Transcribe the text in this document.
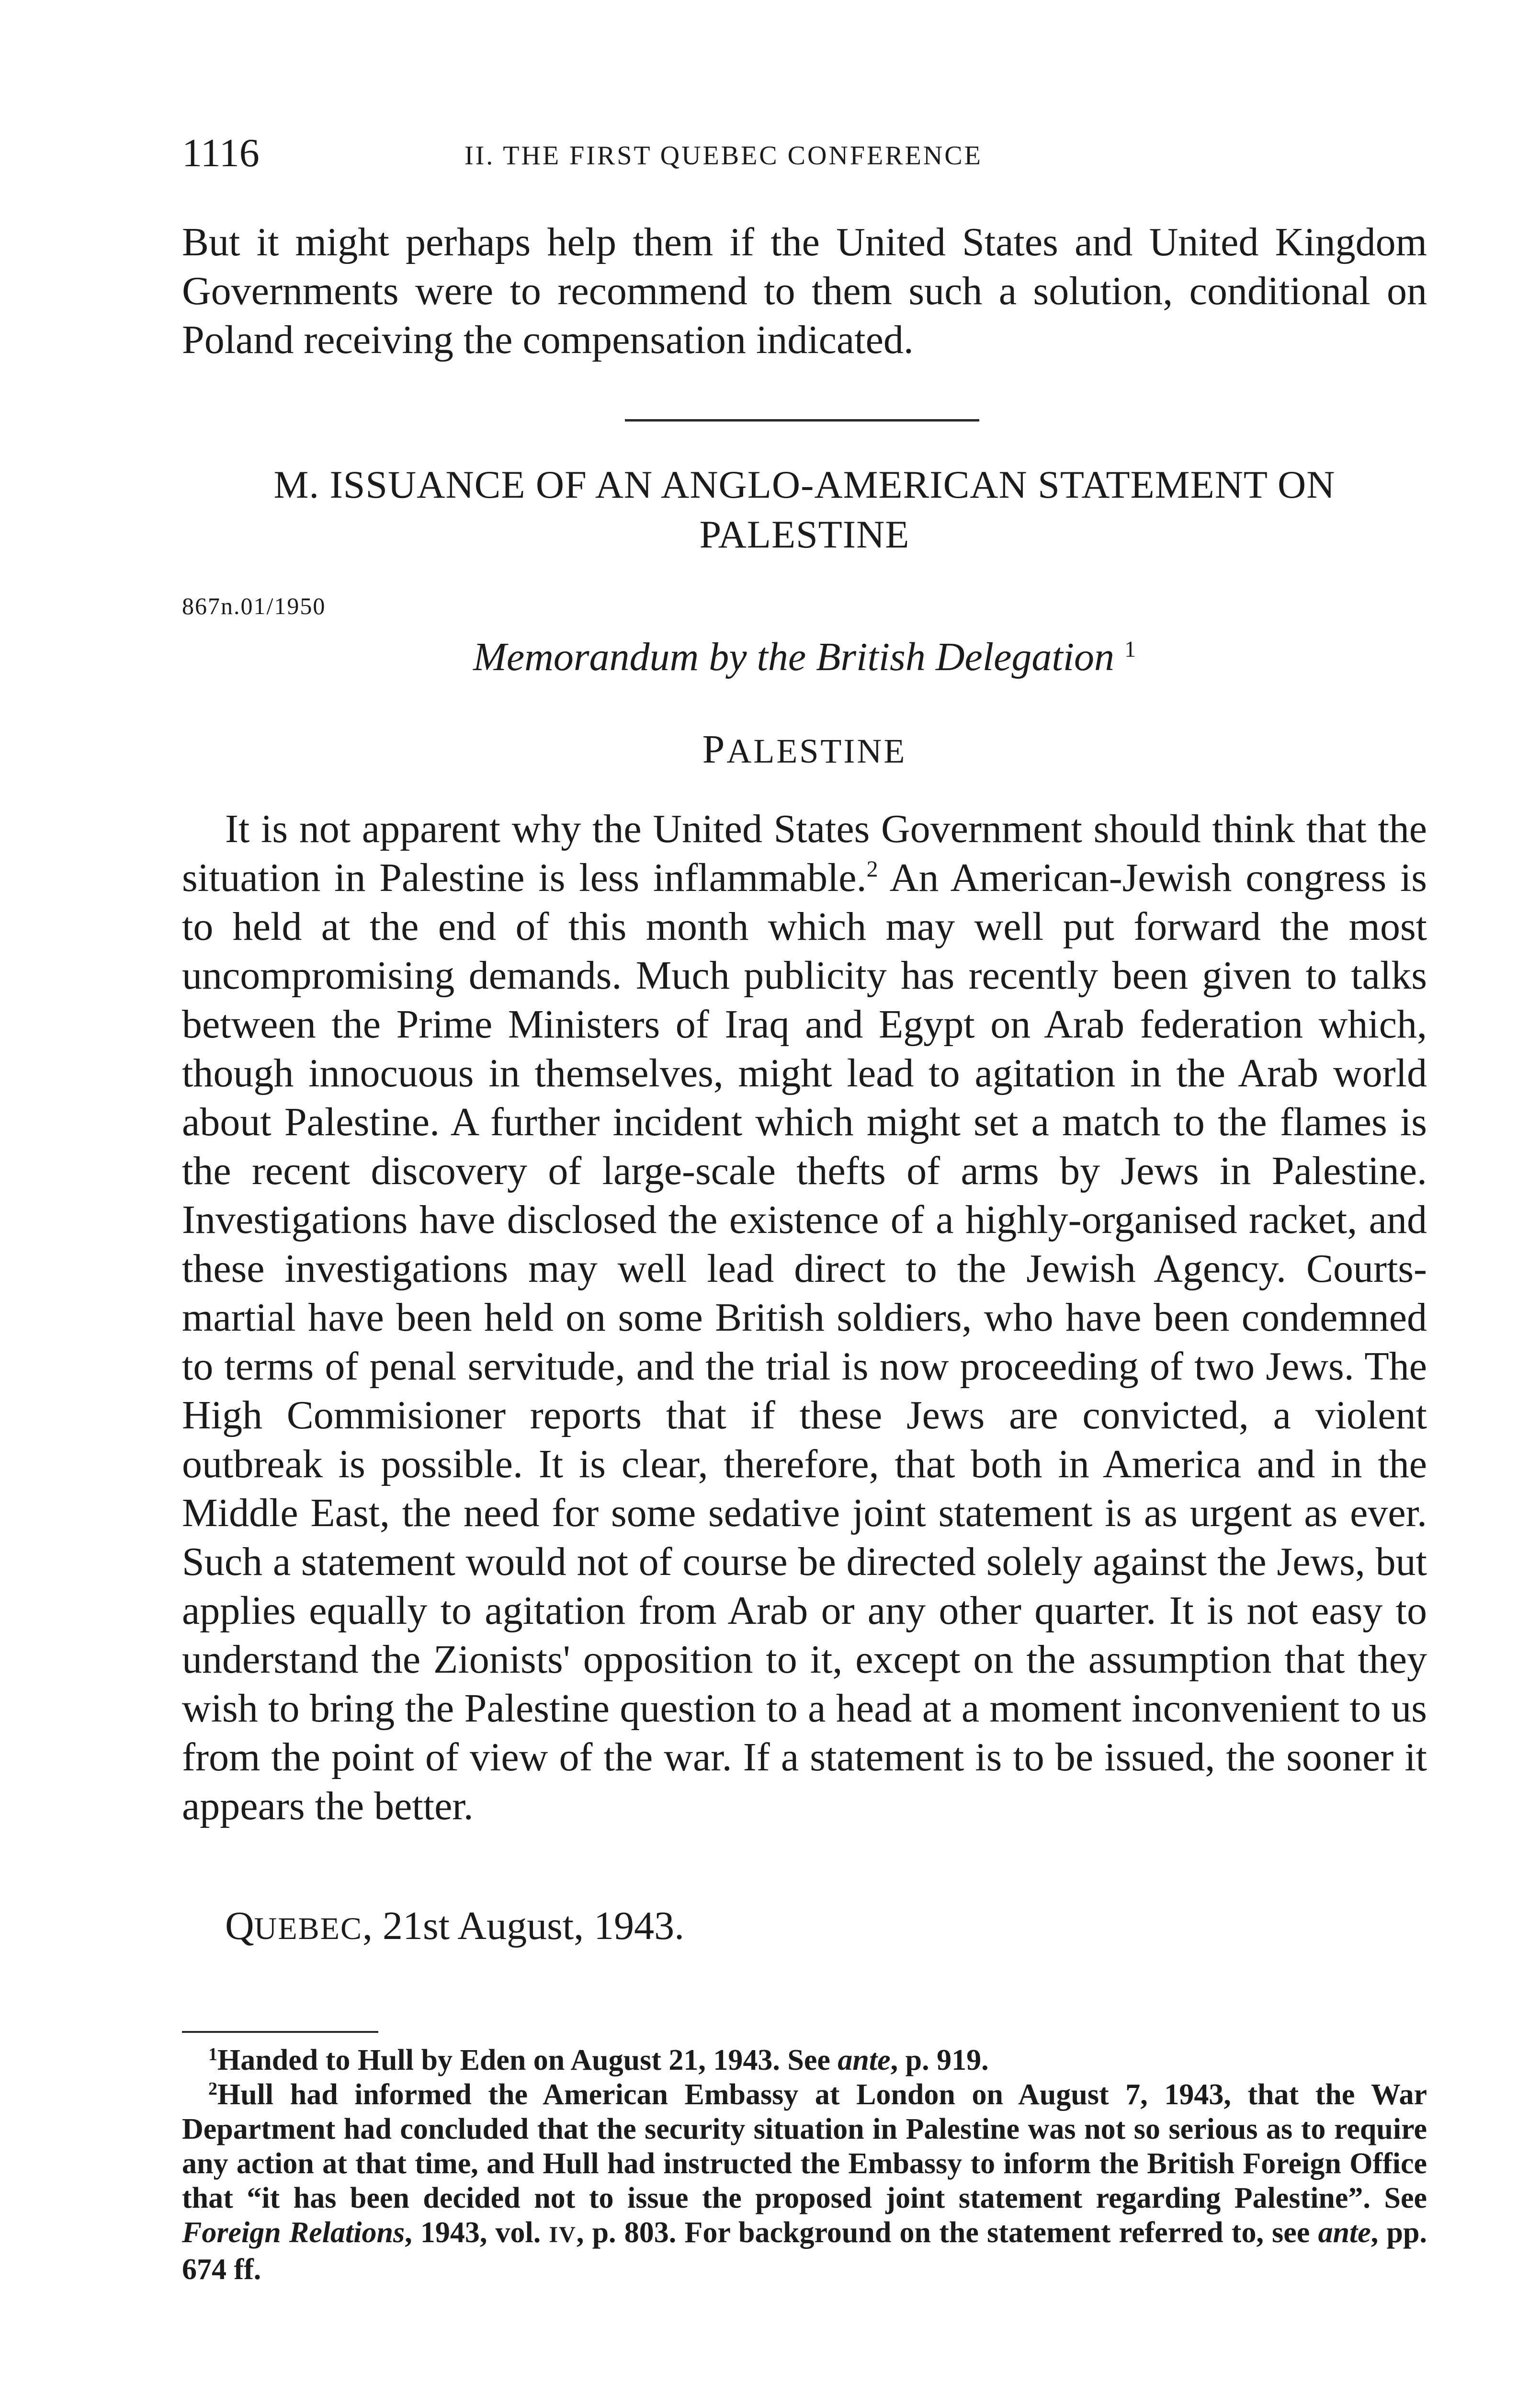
1116	II. THE FIRST QUEBEC CONFERENCE

But it might perhaps help them if the United States and United Kingdom Governments were to recommend to them such a solution, conditional on Poland receiving the compensation indicated.

M. ISSUANCE OF AN ANGLO-AMERICAN STATEMENT ON
PALESTINE
867n.01/1950
Memorandum by the British Delegation $^1$
PALESTINE

It is not apparent why the United States Government should think that the situation in Palestine is less inflammable.$^2$ An American-Jewish congress is to held at the end of this month which may well put forward the most uncompromising demands. Much publicity has recently been given to talks between the Prime Ministers of Iraq and Egypt on Arab federation which, though innocuous in themselves, might lead to agitation in the Arab world about Palestine. A further incident which might set a match to the flames is the recent discovery of large-scale thefts of arms by Jews in Palestine. Investigations have disclosed the existence of a highly-organised racket, and these investigations may well lead direct to the Jewish Agency. Courts-martial have been held on some British soldiers, who have been condemned to terms of penal servitude, and the trial is now proceeding of two Jews. The High Commisioner reports that if these Jews are convicted, a violent outbreak is possible. It is clear, therefore, that both in America and in the Middle East, the need for some sedative joint statement is as urgent as ever. Such a statement would not of course be directed solely against the Jews, but applies equally to agitation from Arab or any other quarter. It is not easy to understand the Zionists' opposition to it, except on the assumption that they wish to bring the Palestine question to a head at a moment inconvenient to us from the point of view of the war. If a statement is to be issued, the sooner it appears the better.

QUEBEC, 21st August, 1943.

$^1$Handed to Hull by Eden on August 21, 1943. See ante, p. 919.

$^2$Hull had informed the American Embassy at London on August 7, 1943, that the War Department had concluded that the security situation in Palestine was not so serious as to require any action at that time, and Hull had instructed the Embassy to inform the British Foreign Office that “it has been decided not to issue the proposed joint statement regarding Palestine”. See Foreign Relations, 1943, vol. IV, p. 803. For background on the statement referred to, see ante, pp. 674 ff.
